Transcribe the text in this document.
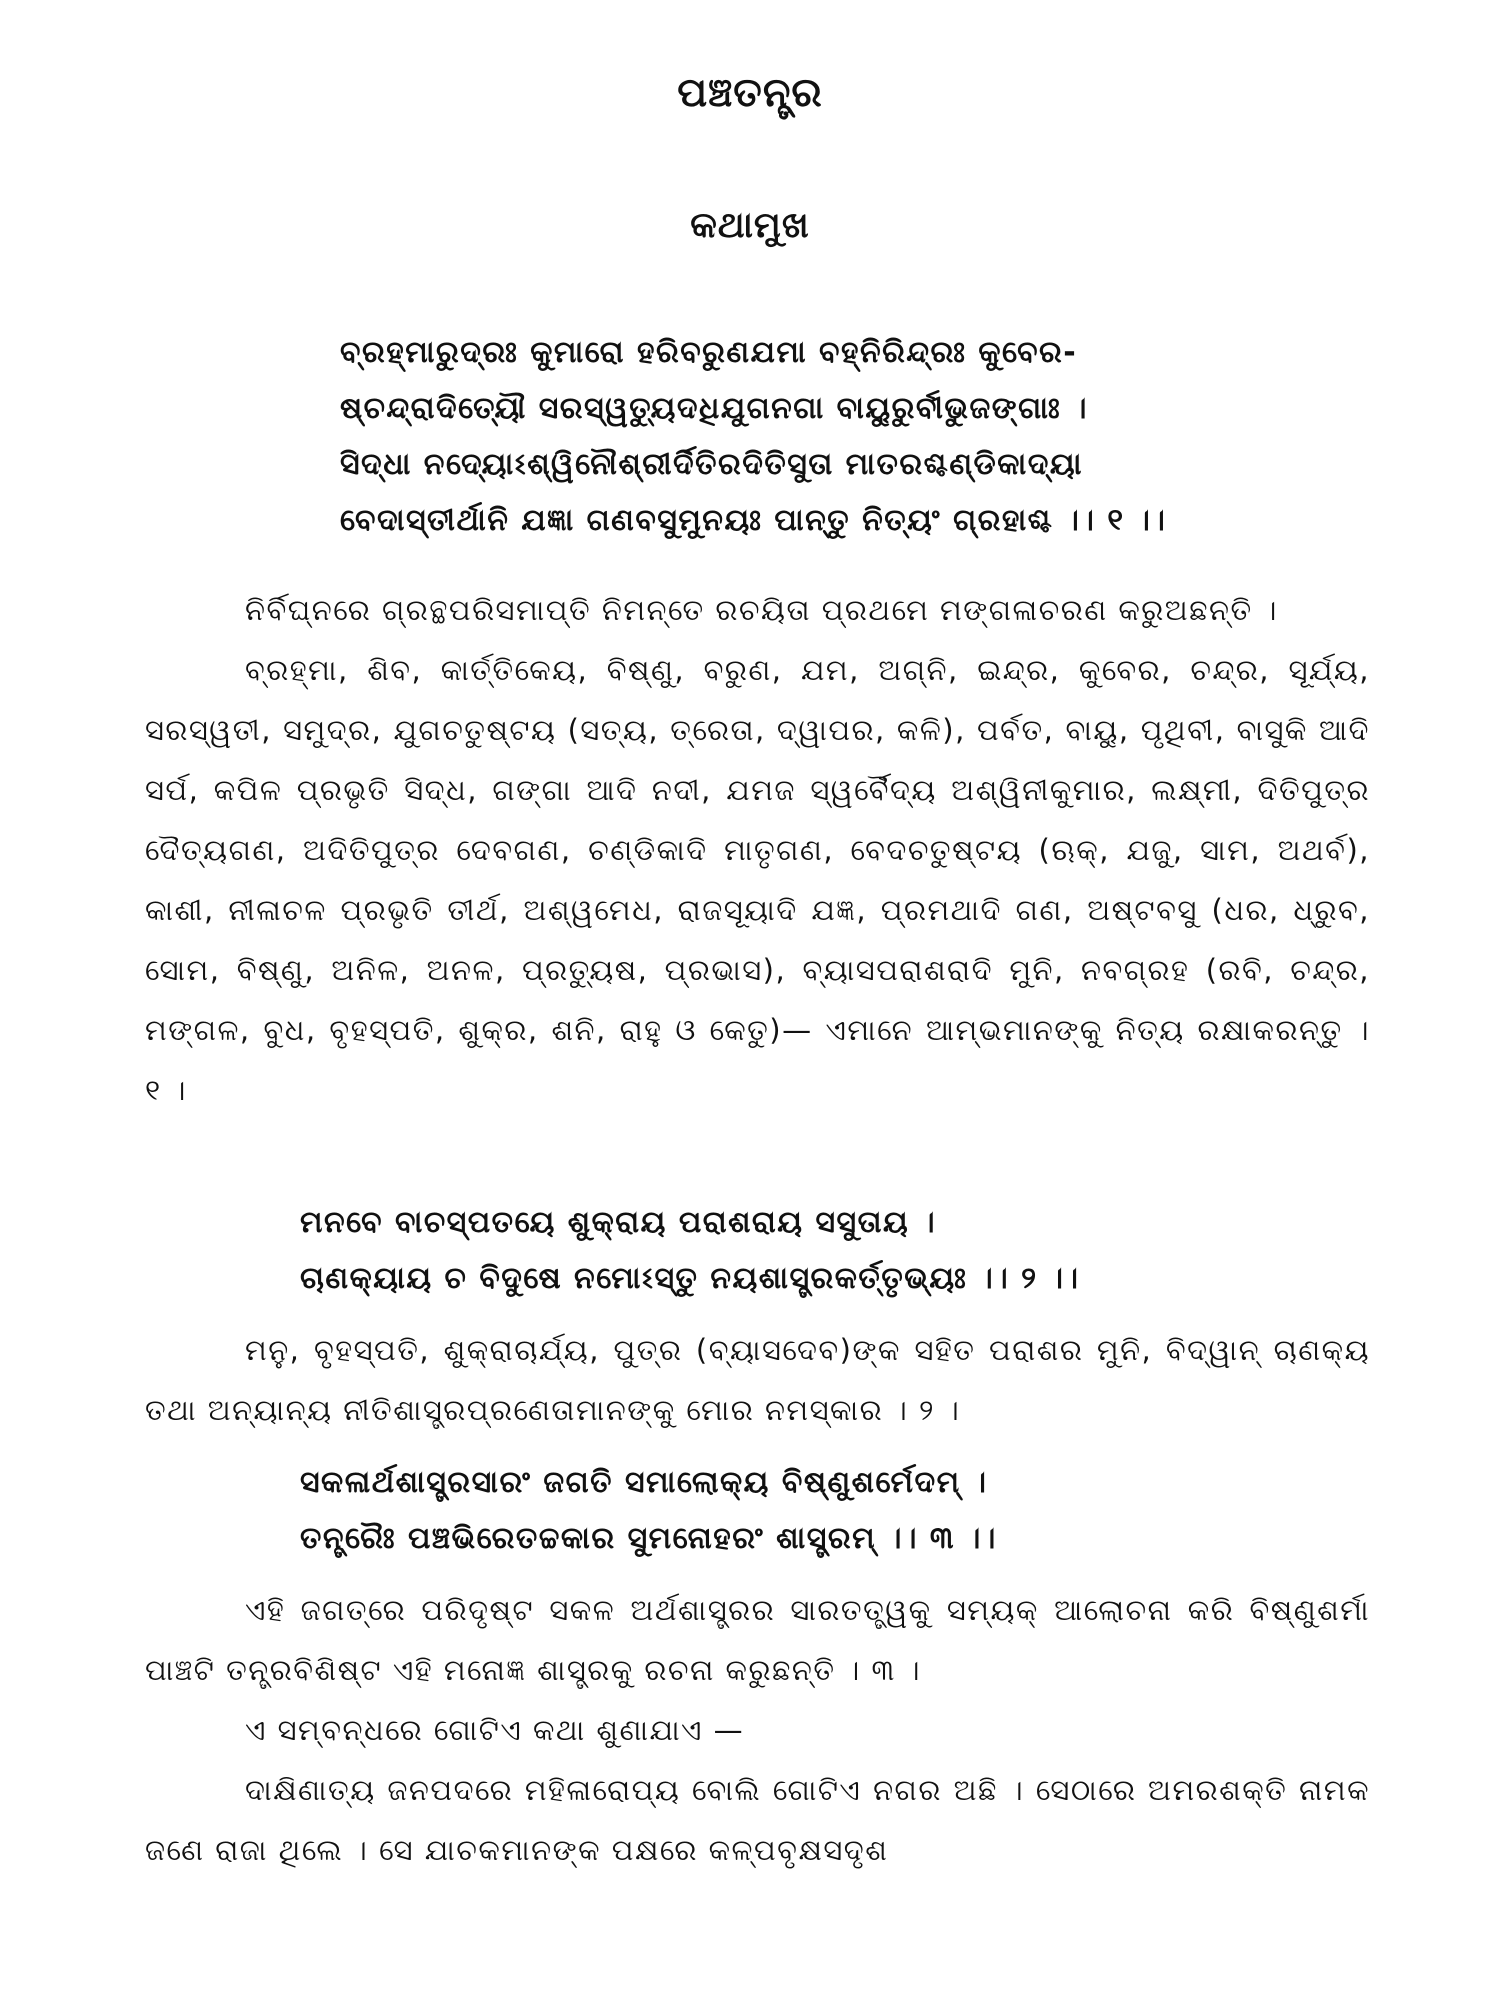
ପଞ୍ଚତନ୍ତ୍ର
କଥାମୁଖ
ବ୍ରହ୍ମାରୁଦ୍ରଃ କୁମାରୋ ହରିବରୁଣଯମା ବହ୍ନିରିନ୍ଦ୍ରଃ କୁବେର-
ଷ୍ଚନ୍ଦ୍ରାଦିତ୍ୟୌ ସରସ୍ୱତ୍ୟୁଦଧିଯୁଗନଗା ବାୟୁରୁର୍ବୀଭୁଜଙ୍ଗାଃ ।
ସିଦ୍ଧା ନଦ୍ୟୋଽଶ୍ୱିନୌଶ୍ରୀର୍ଦିତିରଦିତିସୁତା ମାତରଶ୍ଚଣ୍ଡିକାଦ୍ୟା
ବେଦାସ୍ତୀର୍ଥାନି ଯଜ୍ଞା ଗଣବସୁମୁନୟଃ ପାନ୍ତୁ ନିତ୍ୟଂ ଗ୍ରହାଶ୍ଚ ।। ୧ ।।

ନିର୍ବିଘ୍ନରେ ଗ୍ରନ୍ଥପରିସମାପ୍ତି ନିମନ୍ତେ ରଚୟିତା ପ୍ରଥମେ ମଙ୍ଗଳାଚରଣ କରୁଅଛନ୍ତି ।

ବ୍ରହ୍ମା, ଶିବ, କାର୍ତ୍ତିକେୟ, ବିଷ୍ଣୁ, ବରୁଣ, ଯମ, ଅଗ୍ନି, ଇନ୍ଦ୍ର, କୁବେର, ଚନ୍ଦ୍ର, ସୂର୍ଯ୍ୟ, ସରସ୍ୱତୀ, ସମୁଦ୍ର, ଯୁଗଚତୁଷ୍ଟୟ (ସତ୍ୟ, ତ୍ରେତା, ଦ୍ୱାପର, କଳି), ପର୍ବତ, ବାୟୁ, ପୃଥିବୀ, ବାସୁକି ଆଦି ସର୍ପ, କପିଳ ପ୍ରଭୃତି ସିଦ୍ଧ, ଗଙ୍ଗା ଆଦି ନଦୀ, ଯମଜ ସ୍ୱର୍ବୈଦ୍ୟ ଅଶ୍ୱିନୀକୁମାର, ଲକ୍ଷ୍ମୀ, ଦିତିପୁତ୍ର ଦୈତ୍ୟଗଣ, ଅଦିତିପୁତ୍ର ଦେବଗଣ, ଚଣ୍ଡିକାଦି ମାତୃଗଣ, ବେଦଚତୁଷ୍ଟୟ (ଋକ୍, ଯଜୁ, ସାମ, ଅଥର୍ବ), କାଶୀ, ନୀଳାଚଳ ପ୍ରଭୃତି ତୀର୍ଥ, ଅଶ୍ୱମେଧ, ରାଜସୂୟାଦି ଯଜ୍ଞ, ପ୍ରମଥାଦି ଗଣ, ଅଷ୍ଟବସୁ (ଧର, ଧ୍ରୁବ, ସୋମ, ବିଷ୍ଣୁ, ଅନିଳ, ଅନଳ, ପ୍ରତ୍ୟୁଷ, ପ୍ରଭାସ), ବ୍ୟାସପରାଶରାଦି ମୁନି, ନବଗ୍ରହ (ରବି, ଚନ୍ଦ୍ର, ମଙ୍ଗଳ, ବୁଧ, ବୃହସ୍ପତି, ଶୁକ୍ର, ଶନି, ରାହୁ ଓ କେତୁ)— ଏମାନେ ଆମ୍ଭମାନଙ୍କୁ ନିତ୍ୟ ରକ୍ଷାକରନ୍ତୁ । ୧ ।

ମନବେ ବାଚସ୍ପତୟେ ଶୁକ୍ରାୟ ପରାଶରାୟ ସସୁତାୟ ।
ଚାଣକ୍ୟାୟ ଚ ବିଦୁଷେ ନମୋଽସ୍ତୁ ନୟଶାସ୍ତ୍ରକର୍ତ୍ତୃଭ୍ୟଃ ।। ୨ ।।

ମନୁ, ବୃହସ୍ପତି, ଶୁକ୍ରାଚାର୍ଯ୍ୟ, ପୁତ୍ର (ବ୍ୟାସଦେବ)ଙ୍କ ସହିତ ପରାଶର ମୁନି, ବିଦ୍ୱାନ୍ ଚାଣକ୍ୟ ତଥା ଅନ୍ୟାନ୍ୟ ନୀତିଶାସ୍ତ୍ରପ୍ରଣେତାମାନଙ୍କୁ ମୋର ନମସ୍କାର । ୨ ।

ସକଳାର୍ଥଶାସ୍ତ୍ରସାରଂ ଜଗତି ସମାଲୋକ୍ୟ ବିଷ୍ଣୁଶର୍ମେଦମ୍ ।
ତନ୍ତ୍ରୈଃ ପଞ୍ଚଭିରେତଚ୍ଚକାର ସୁମନୋହରଂ ଶାସ୍ତ୍ରମ୍ ।। ୩ ।।

ଏହି ଜଗତ୍‌ରେ ପରିଦୃଷ୍ଟ ସକଳ ଅର୍ଥଶାସ୍ତ୍ରର ସାରତତ୍ତ୍ୱକୁ ସମ୍ୟକ୍ ଆଲୋଚନା କରି ବିଷ୍ଣୁଶର୍ମା ପାଞ୍ଚଟି ତନ୍ତ୍ରବିଶିଷ୍ଟ ଏହି ମନୋଜ୍ଞ ଶାସ୍ତ୍ରକୁ ରଚନା କରୁଛନ୍ତି । ୩ ।

ଏ ସମ୍ବନ୍ଧରେ ଗୋଟିଏ କଥା ଶୁଣାଯାଏ —

ଦାକ୍ଷିଣାତ୍ୟ ଜନପଦରେ ମହିଳାରୋପ୍ୟ ବୋଲି ଗୋଟିଏ ନଗର ଅଛି । ସେଠାରେ ଅମରଶକ୍ତି ନାମକ ଜଣେ ରାଜା ଥିଲେ । ସେ ଯାଚକମାନଙ୍କ ପକ୍ଷରେ କଳ୍ପବୃକ୍ଷସଦୃଶ
